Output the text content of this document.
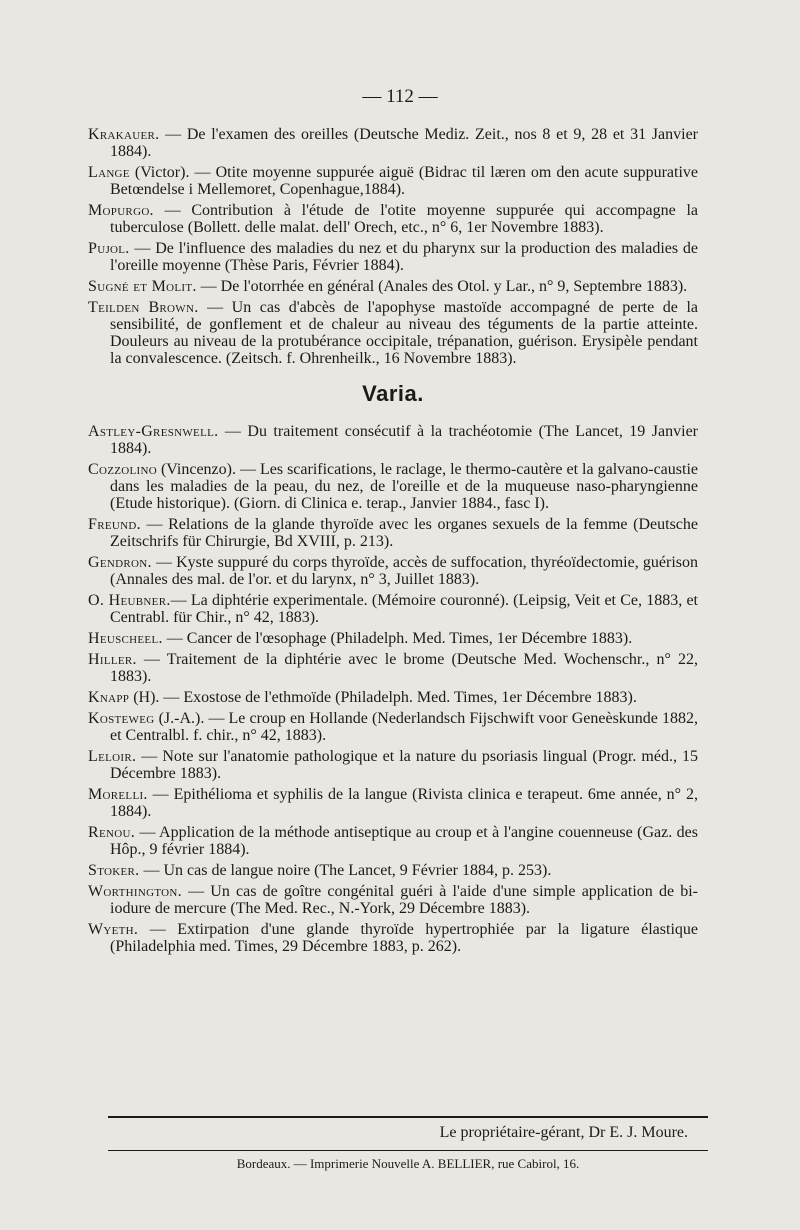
— 112 —

Krakauer. — De l'examen des oreilles (Deutsche Mediz. Zeit., nos 8 et 9, 28 et 31 Janvier 1884).

Lange (Victor). — Otite moyenne suppurée aiguë (Bidrac til læren om den acute suppurative Betœndelse i Mellemoret, Copenhague,1884).

Mopurgo. — Contribution à l'étude de l'otite moyenne suppurée qui accompagne la tuberculose (Bollett. delle malat. dell' Orech, etc., n° 6, 1er Novembre 1883).

Pujol. — De l'influence des maladies du nez et du pharynx sur la production des maladies de l'oreille moyenne (Thèse Paris, Février 1884).

Sugné et Molit. — De l'otorrhée en général (Anales des Otol. y Lar., n° 9, Septembre 1883).

Teilden Brown. — Un cas d'abcès de l'apophyse mastoïde accompagné de perte de la sensibilité, de gonflement et de chaleur au niveau des téguments de la partie atteinte. Douleurs au niveau de la protubérance occipitale, trépanation, guérison. Erysipèle pendant la convalescence. (Zeitsch. f. Ohrenheilk., 16 Novembre 1883).

Varia.

Astley-Gresnwell. — Du traitement consécutif à la trachéotomie (The Lancet, 19 Janvier 1884).

Cozzolino (Vincenzo). — Les scarifications, le raclage, le thermo-cautère et la galvano-caustie dans les maladies de la peau, du nez, de l'oreille et de la muqueuse naso-pharyngienne (Etude historique). (Giorn. di Clinica e. terap., Janvier 1884., fasc I).

Freund. — Relations de la glande thyroïde avec les organes sexuels de la femme (Deutsche Zeitschrifs für Chirurgie, Bd XVIII, p. 213).

Gendron. — Kyste suppuré du corps thyroïde, accès de suffocation, thyréoïdectomie, guérison (Annales des mal. de l'or. et du larynx, n° 3, Juillet 1883).

O. Heubner.— La diphtérie experimentale. (Mémoire couronné). (Leipsig, Veit et Ce, 1883, et Centrabl. für Chir., n° 42, 1883).

Heuscheel. — Cancer de l'œsophage (Philadelph. Med. Times, 1er Décembre 1883).

Hiller. — Traitement de la diphtérie avec le brome (Deutsche Med. Wochenschr., n° 22, 1883).

Knapp (H). — Exostose de l'ethmoïde (Philadelph. Med. Times, 1er Décembre 1883).

Kosteweg (J.-A.). — Le croup en Hollande (Nederlandsch Fijschwift voor Geneèskunde 1882, et Centralbl. f. chir., n° 42, 1883).

Leloir. — Note sur l'anatomie pathologique et la nature du psoriasis lingual (Progr. méd., 15 Décembre 1883).

Morelli. — Epithélioma et syphilis de la langue (Rivista clinica e terapeut. 6me année, n° 2, 1884).

Renou. — Application de la méthode antiseptique au croup et à l'angine couenneuse (Gaz. des Hôp., 9 février 1884).

Stoker. — Un cas de langue noire (The Lancet, 9 Février 1884, p. 253).

Worthington. — Un cas de goître congénital guéri à l'aide d'une simple application de bi-iodure de mercure (The Med. Rec., N.-York, 29 Décembre 1883).

Wyeth. — Extirpation d'une glande thyroïde hypertrophiée par la ligature élastique (Philadelphia med. Times, 29 Décembre 1883, p. 262).

Le propriétaire-gérant, Dr E. J. Moure.
Bordeaux. — Imprimerie Nouvelle A. BELLIER, rue Cabirol, 16.
